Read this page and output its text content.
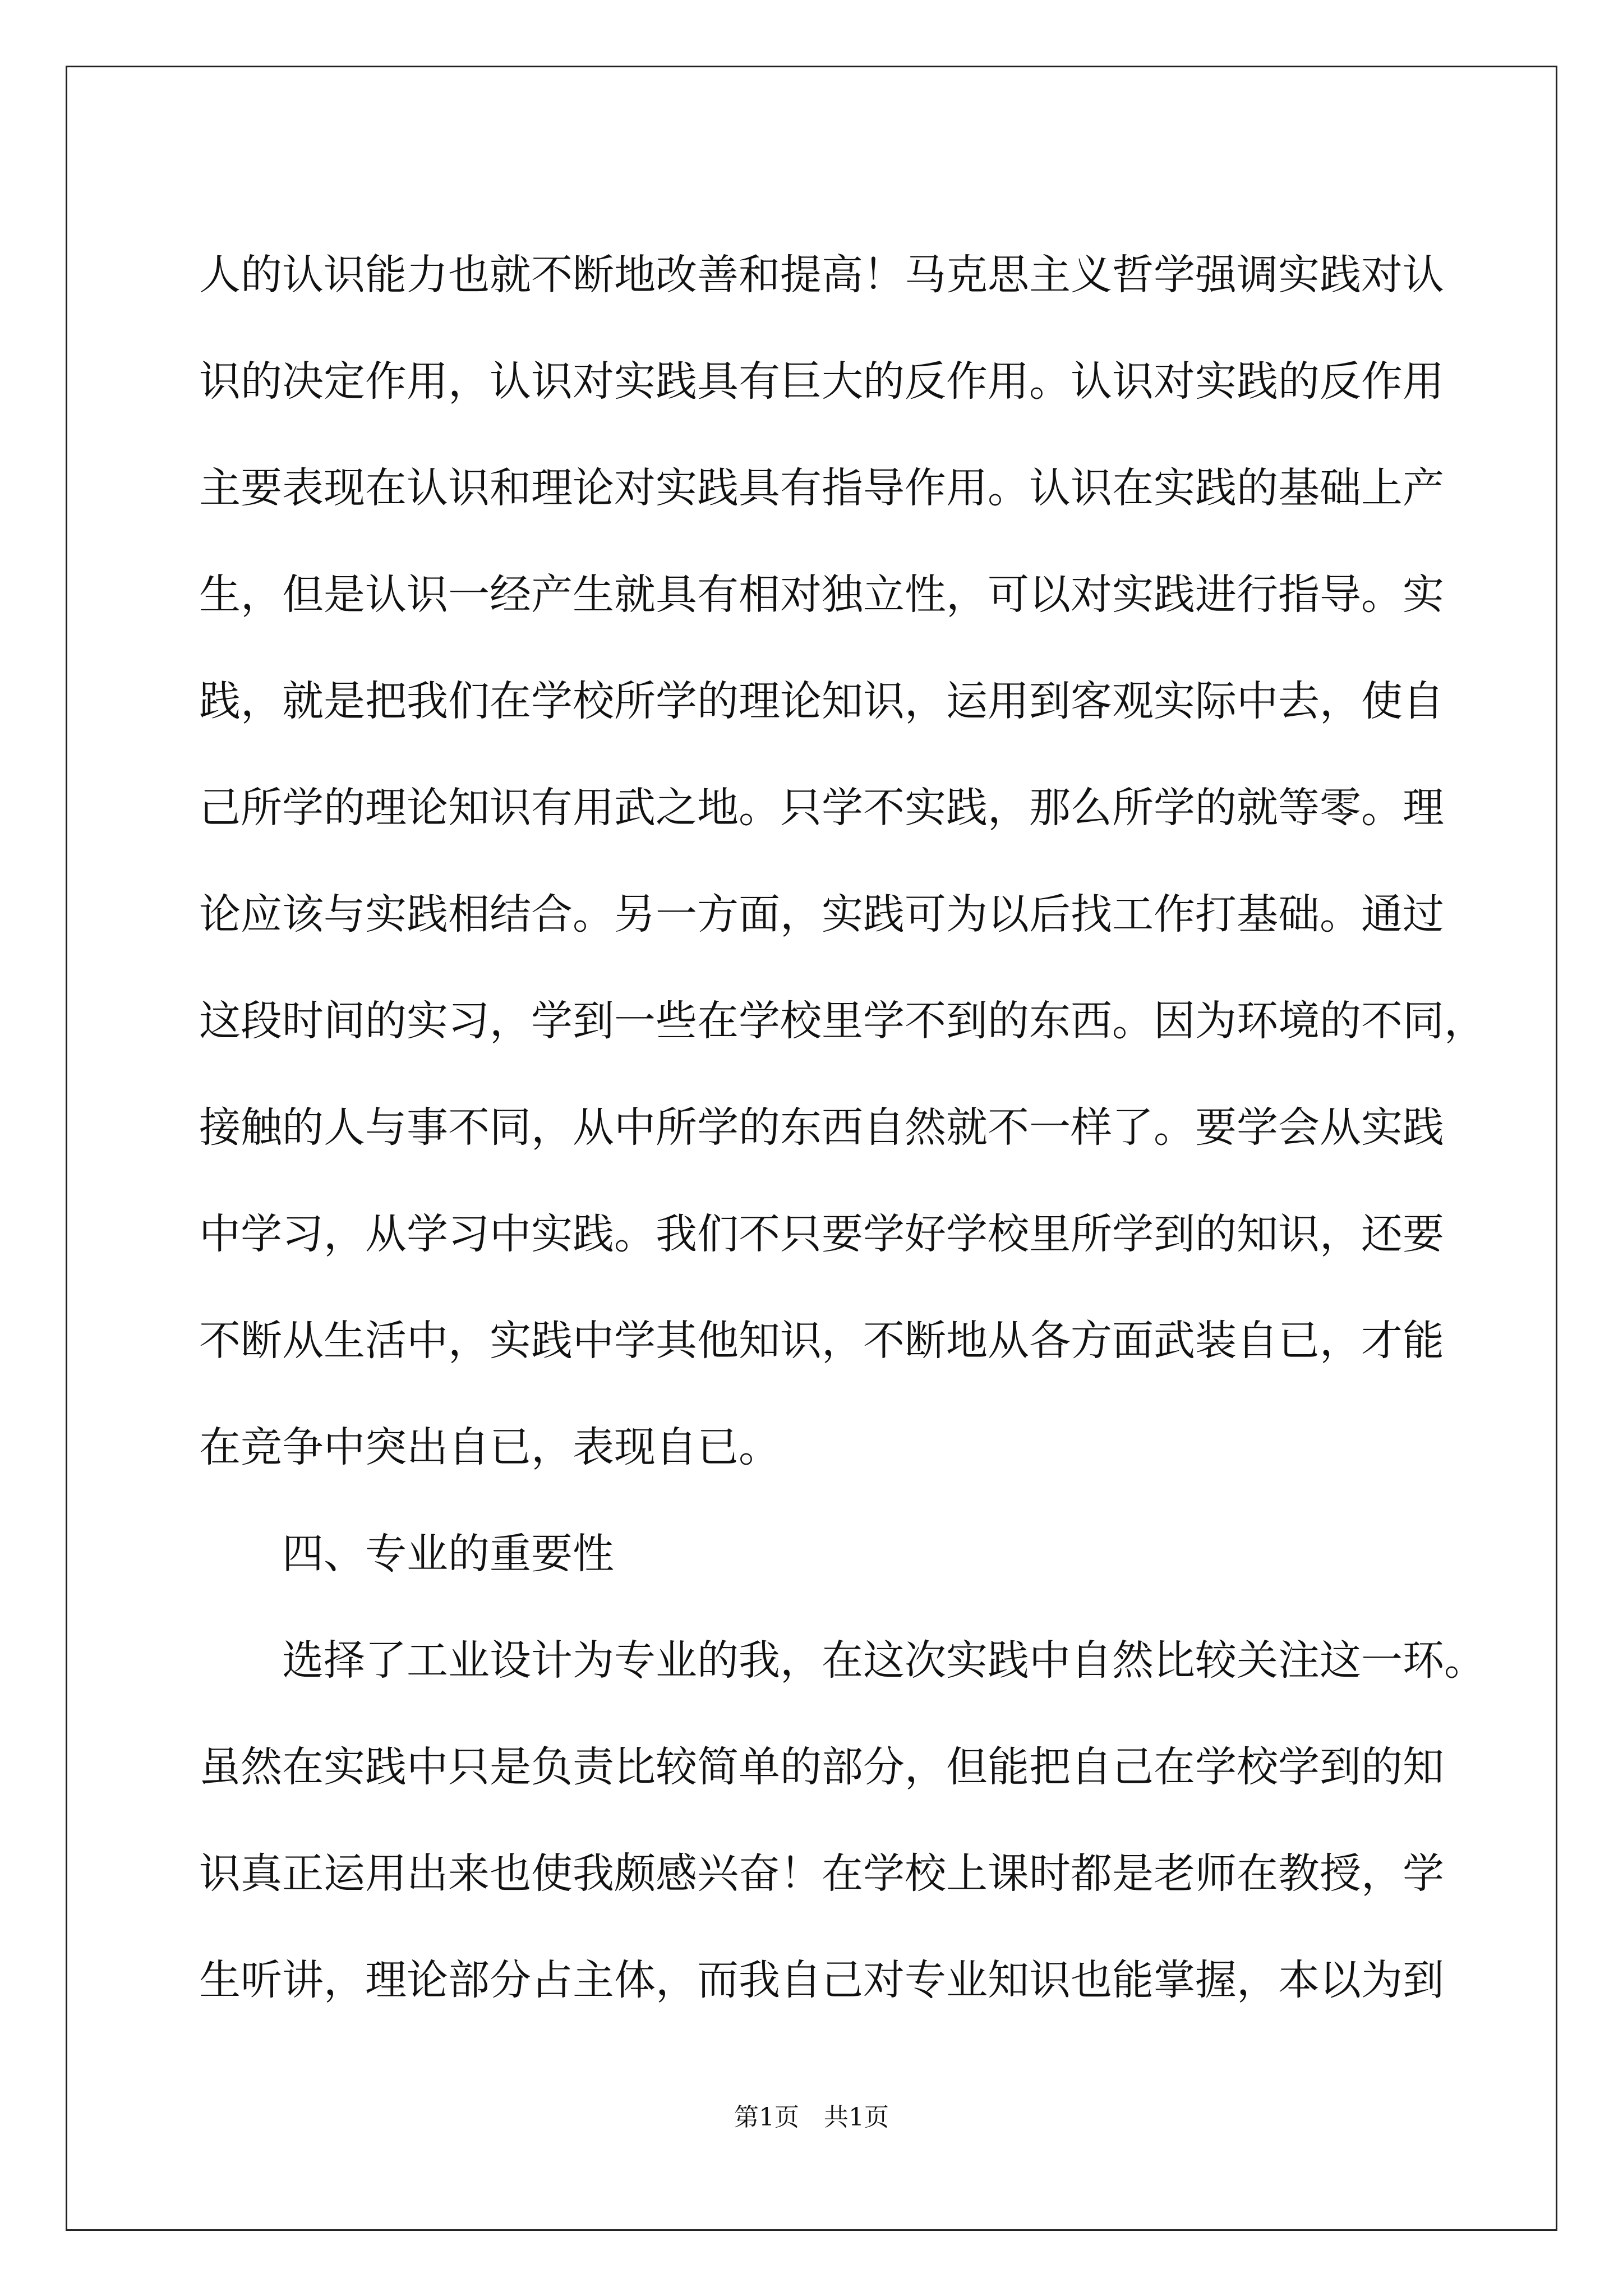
人的认识能力也就不断地改善和提高！马克思主义哲学强调实践对认
识的决定作用，认识对实践具有巨大的反作用。认识对实践的反作用
主要表现在认识和理论对实践具有指导作用。认识在实践的基础上产
生，但是认识一经产生就具有相对独立性，可以对实践进行指导。实
践，就是把我们在学校所学的理论知识，运用到客观实际中去，使自
己所学的理论知识有用武之地。只学不实践，那么所学的就等零。理
论应该与实践相结合。另一方面，实践可为以后找工作打基础。通过
这段时间的实习，学到一些在学校里学不到的东西。因为环境的不同，
接触的人与事不同，从中所学的东西自然就不一样了。要学会从实践
中学习，从学习中实践。我们不只要学好学校里所学到的知识，还要
不断从生活中，实践中学其他知识，不断地从各方面武装自已，才能
在竞争中突出自已，表现自已。
四、专业的重要性
选择了工业设计为专业的我，在这次实践中自然比较关注这一环。
虽然在实践中只是负责比较简单的部分，但能把自己在学校学到的知
识真正运用出来也使我颇感兴奋！在学校上课时都是老师在教授，学
生听讲，理论部分占主体，而我自己对专业知识也能掌握，本以为到
第1页　共1页
